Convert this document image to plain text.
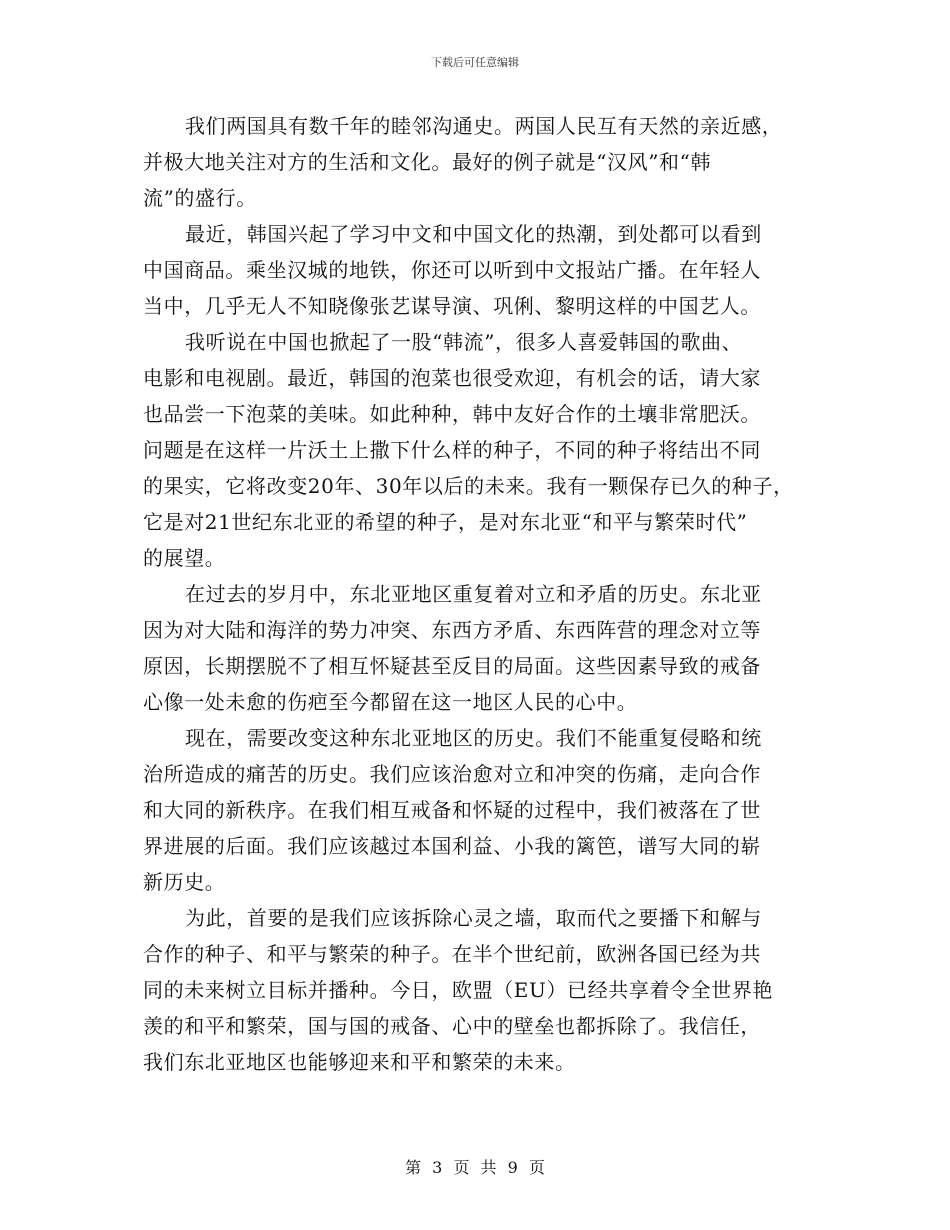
下载后可任意编辑
我们两国具有数千年的睦邻沟通史。两国人民互有天然的亲近感，
并极大地关注对方的生活和文化。最好的例子就是“汉风”和“韩
流”的盛行。
最近，韩国兴起了学习中文和中国文化的热潮，到处都可以看到
中国商品。乘坐汉城的地铁，你还可以听到中文报站广播。在年轻人
当中，几乎无人不知晓像张艺谋导演、巩俐、黎明这样的中国艺人。
我听说在中国也掀起了一股“韩流”，很多人喜爱韩国的歌曲、
电影和电视剧。最近，韩国的泡菜也很受欢迎，有机会的话，请大家
也品尝一下泡菜的美味。如此种种，韩中友好合作的土壤非常肥沃。
问题是在这样一片沃土上撒下什么样的种子，不同的种子将结出不同
的果实，它将改变20年、30年以后的未来。我有一颗保存已久的种子，
它是对21世纪东北亚的希望的种子，是对东北亚“和平与繁荣时代”
的展望。
在过去的岁月中，东北亚地区重复着对立和矛盾的历史。东北亚
因为对大陆和海洋的势力冲突、东西方矛盾、东西阵营的理念对立等
原因，长期摆脱不了相互怀疑甚至反目的局面。这些因素导致的戒备
心像一处未愈的伤疤至今都留在这一地区人民的心中。
现在，需要改变这种东北亚地区的历史。我们不能重复侵略和统
治所造成的痛苦的历史。我们应该治愈对立和冲突的伤痛，走向合作
和大同的新秩序。在我们相互戒备和怀疑的过程中，我们被落在了世
界进展的后面。我们应该越过本国利益、小我的篱笆，谱写大同的崭
新历史。
为此，首要的是我们应该拆除心灵之墙，取而代之要播下和解与
合作的种子、和平与繁荣的种子。在半个世纪前，欧洲各国已经为共
同的未来树立目标并播种。今日，欧盟（EU）已经共享着令全世界艳
羡的和平和繁荣，国与国的戒备、心中的壁垒也都拆除了。我信任，
我们东北亚地区也能够迎来和平和繁荣的未来。
第 3 页 共 9 页
